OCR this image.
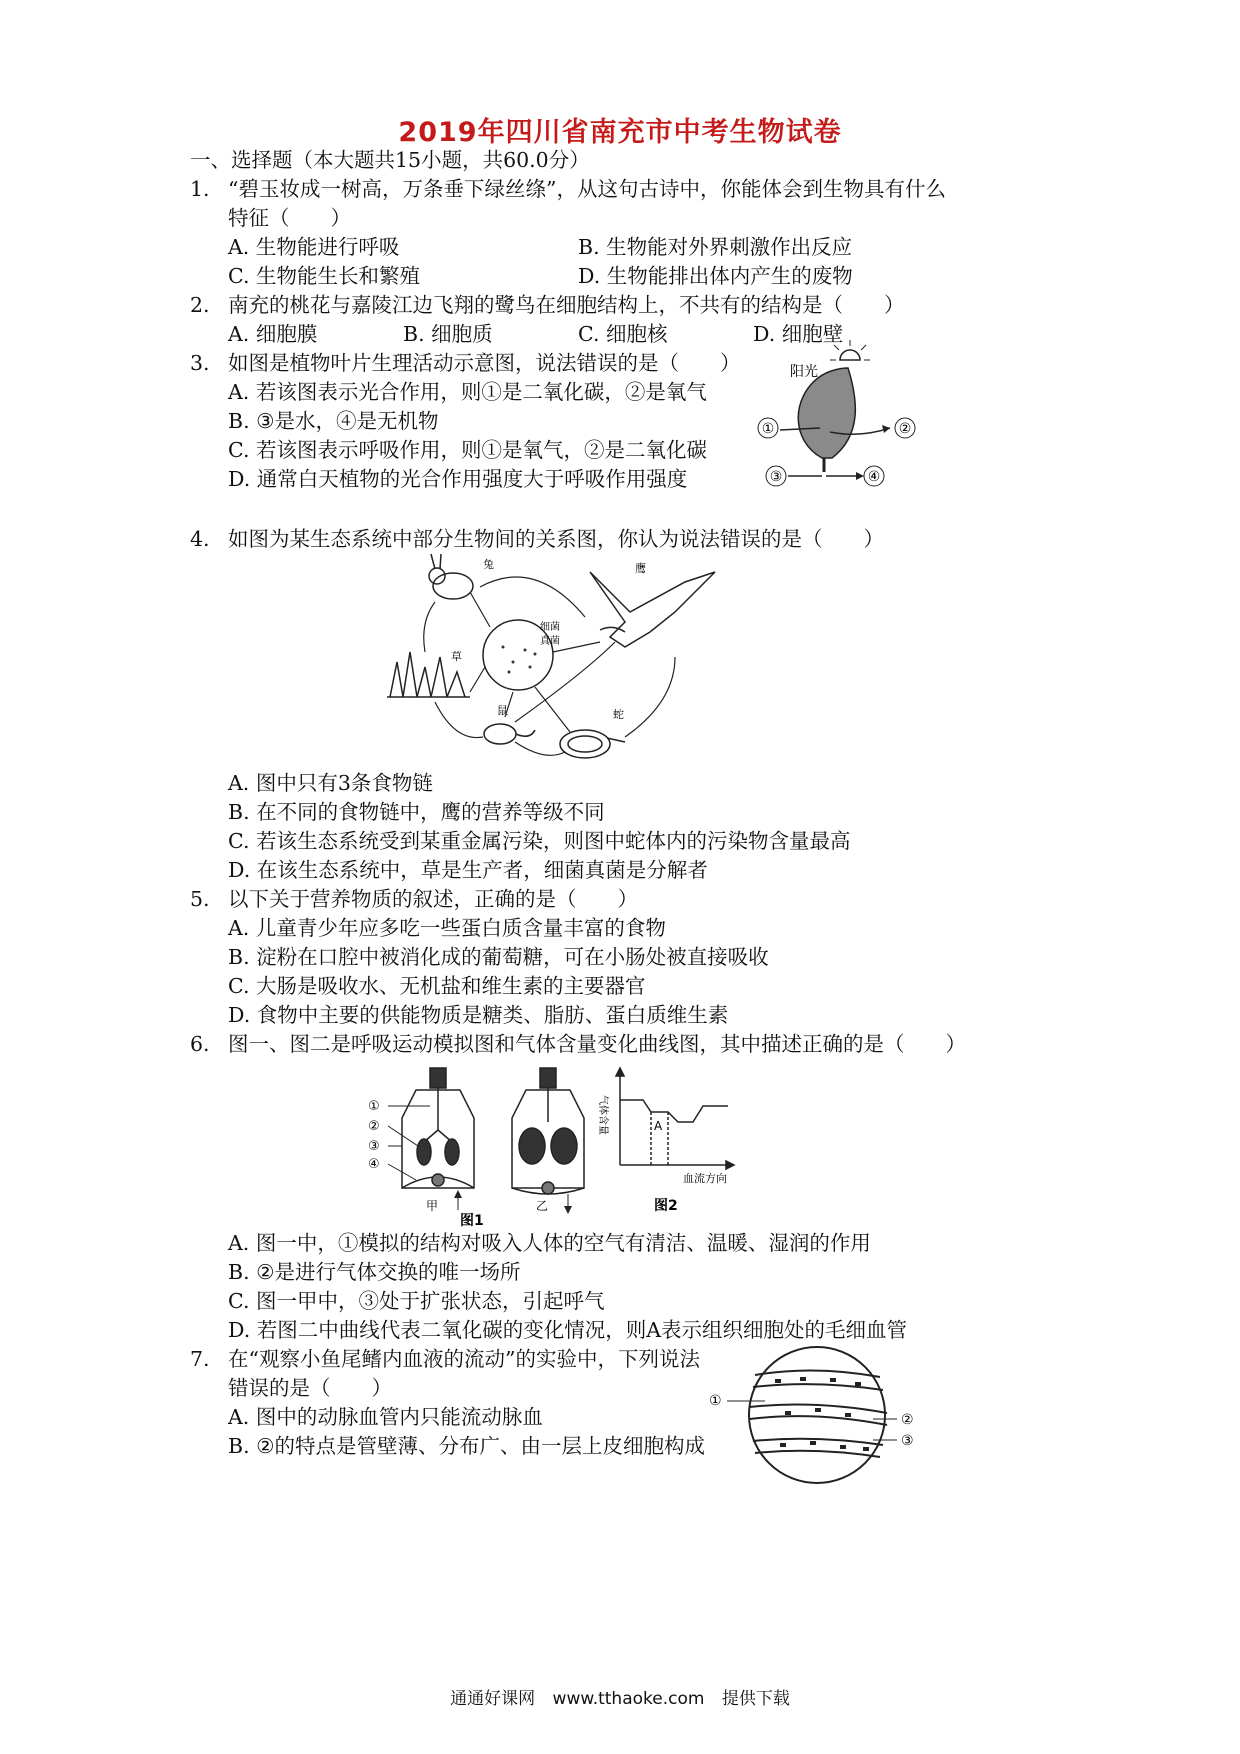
2019年四川省南充市中考生物试卷
一、选择题（本大题共15小题，共60.0分）
1. “碧玉妆成一树高，万条垂下绿丝绦”，从这句古诗中，你能体会到生物具有什么
特征（　　）
A. 生物能进行呼吸	B. 生物能对外界刺激作出反应
C. 生物能生长和繁殖	D. 生物能排出体内产生的废物
2. 南充的桃花与嘉陵江边飞翔的鹭鸟在细胞结构上，不共有的结构是（　　）
A. 细胞膜	B. 细胞质	C. 细胞核	D. 细胞壁
3. 如图是植物叶片生理活动示意图，说法错误的是（　　）
A. 若该图表示光合作用，则①是二氧化碳，②是氧气
B. ③是水，④是无机物
C. 若该图表示呼吸作用，则①是氧气，②是二氧化碳
D. 通常白天植物的光合作用强度大于呼吸作用强度
阳光
①	②
③	④
4. 如图为某生态系统中部分生物间的关系图，你认为说法错误的是（　　）
兔	鹰
细菌
真菌
草
鼠	蛇
A. 图中只有3条食物链
B. 在不同的食物链中，鹰的营养等级不同
C. 若该生态系统受到某重金属污染，则图中蛇体内的污染物含量最高
D. 在该生态系统中，草是生产者，细菌真菌是分解者
5. 以下关于营养物质的叙述，正确的是（　　）
A. 儿童青少年应多吃一些蛋白质含量丰富的食物
B. 淀粉在口腔中被消化成的葡萄糖，可在小肠处被直接吸收
C. 大肠是吸收水、无机盐和维生素的主要器官
D. 食物中主要的供能物质是糖类、脂肪、蛋白质维生素
6. 图一、图二是呼吸运动模拟图和气体含量变化曲线图，其中描述正确的是（　　）
①
②
③
④
甲	乙
图1
A
气体含量
血流方向
图2
A. 图一中，①模拟的结构对吸入人体的空气有清洁、温暖、湿润的作用
B. ②是进行气体交换的唯一场所
C. 图一甲中，③处于扩张状态，引起呼气
D. 若图二中曲线代表二氧化碳的变化情况，则A表示组织细胞处的毛细血管
7. 在“观察小鱼尾鳍内血液的流动”的实验中，下列说法
错误的是（　　）
A. 图中的动脉血管内只能流动脉血
B. ②的特点是管壁薄、分布广、由一层上皮细胞构成
①
②
③
通通好课网 www.tthaoke.com 提供下载
